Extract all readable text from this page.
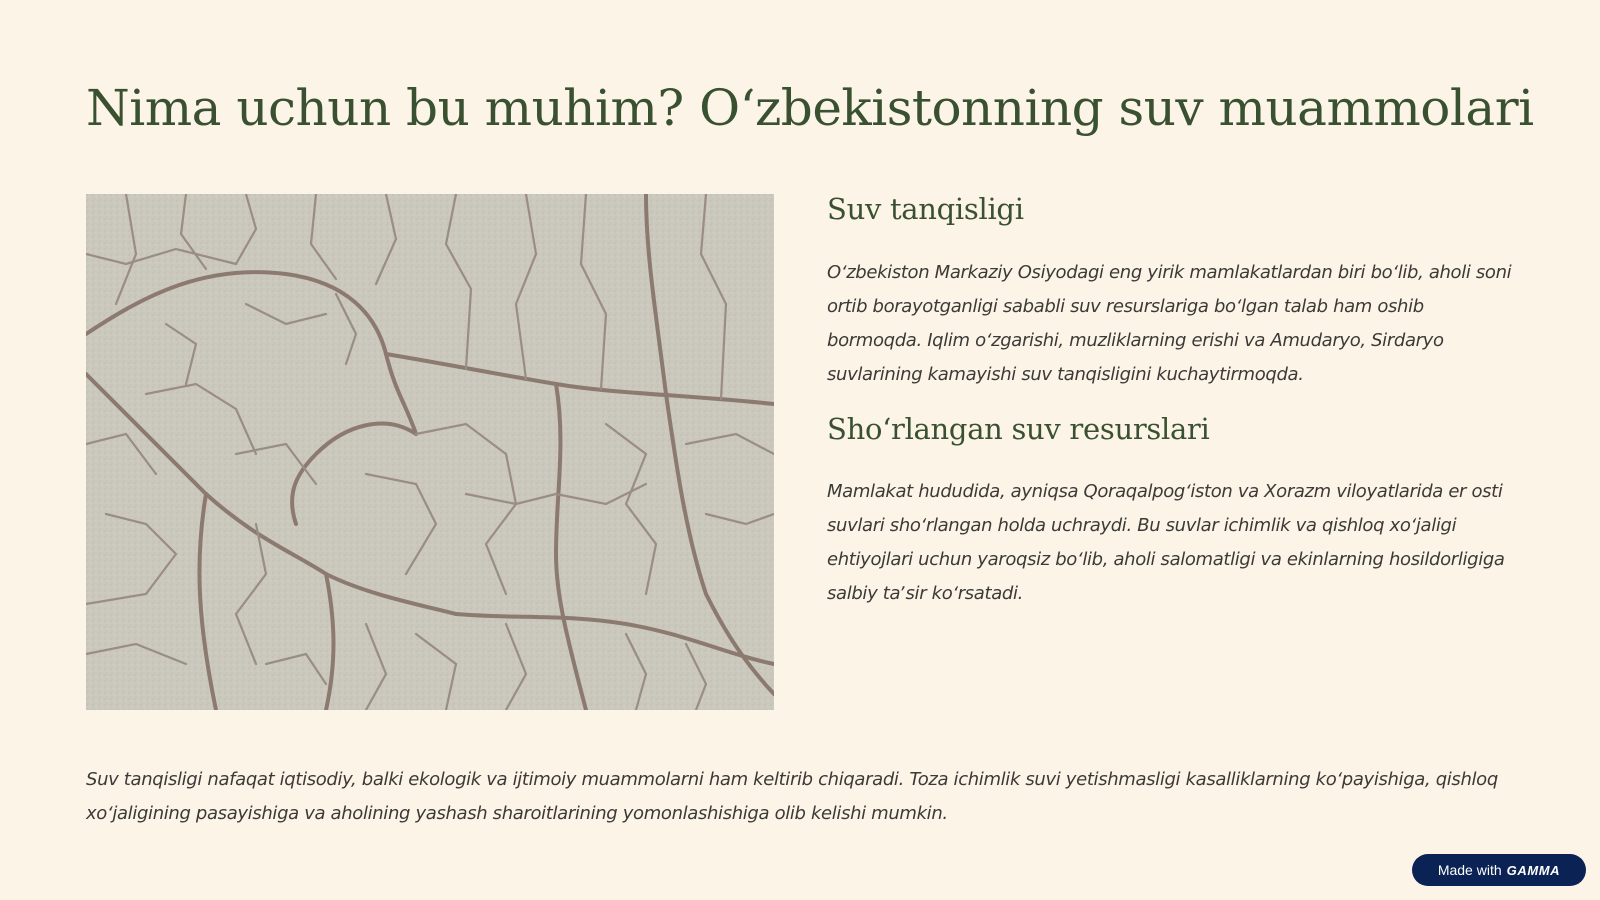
Nima uchun bu muhim? Oʻzbekistonning suv muammolari
Suv tanqisligi

Oʻzbekiston Markaziy Osiyodagi eng yirik mamlakatlardan biri boʻlib, aholi soni ortib borayotganligi sababli suv resurslariga boʻlgan talab ham oshib bormoqda. Iqlim oʻzgarishi, muzliklarning erishi va Amudaryo, Sirdaryo suvlarining kamayishi suv tanqisligini kuchaytirmoqda.

Shoʻrlangan suv resurslari

Mamlakat hududida, ayniqsa Qoraqalpogʻiston va Xorazm viloyatlarida er osti suvlari shoʻrlangan holda uchraydi. Bu suvlar ichimlik va qishloq xoʻjaligi ehtiyojlari uchun yaroqsiz boʻlib, aholi salomatligi va ekinlarning hosildorligiga salbiy taʼsir koʻrsatadi.

Suv tanqisligi nafaqat iqtisodiy, balki ekologik va ijtimoiy muammolarni ham keltirib chiqaradi. Toza ichimlik suvi yetishmasligi kasalliklarning koʻpayishiga, qishloq xoʻjaligining pasayishiga va aholining yashash sharoitlarining yomonlashishiga olib kelishi mumkin.

Made with GAMMA
